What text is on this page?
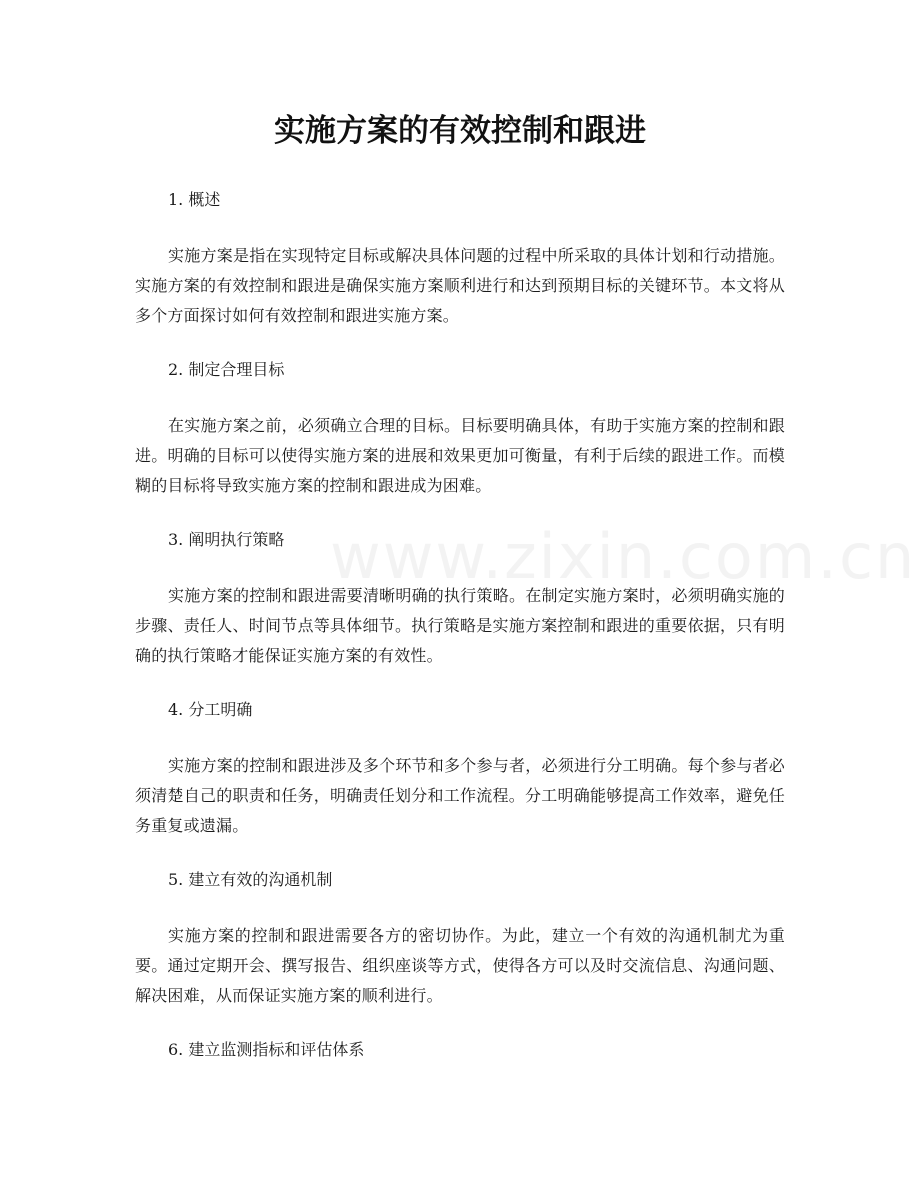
www.zixin.com.cn
实施方案的有效控制和跟进

1. 概述

实施方案是指在实现特定目标或解决具体问题的过程中所采取的具体计划和行动措施。实施方案的有效控制和跟进是确保实施方案顺利进行和达到预期目标的关键环节。本文将从多个方面探讨如何有效控制和跟进实施方案。

2. 制定合理目标

在实施方案之前，必须确立合理的目标。目标要明确具体，有助于实施方案的控制和跟进。明确的目标可以使得实施方案的进展和效果更加可衡量，有利于后续的跟进工作。而模糊的目标将导致实施方案的控制和跟进成为困难。

3. 阐明执行策略

实施方案的控制和跟进需要清晰明确的执行策略。在制定实施方案时，必须明确实施的步骤、责任人、时间节点等具体细节。执行策略是实施方案控制和跟进的重要依据，只有明确的执行策略才能保证实施方案的有效性。

4. 分工明确

实施方案的控制和跟进涉及多个环节和多个参与者，必须进行分工明确。每个参与者必须清楚自己的职责和任务，明确责任划分和工作流程。分工明确能够提高工作效率，避免任务重复或遗漏。

5. 建立有效的沟通机制

实施方案的控制和跟进需要各方的密切协作。为此，建立一个有效的沟通机制尤为重要。通过定期开会、撰写报告、组织座谈等方式，使得各方可以及时交流信息、沟通问题、解决困难，从而保证实施方案的顺利进行。

6. 建立监测指标和评估体系
